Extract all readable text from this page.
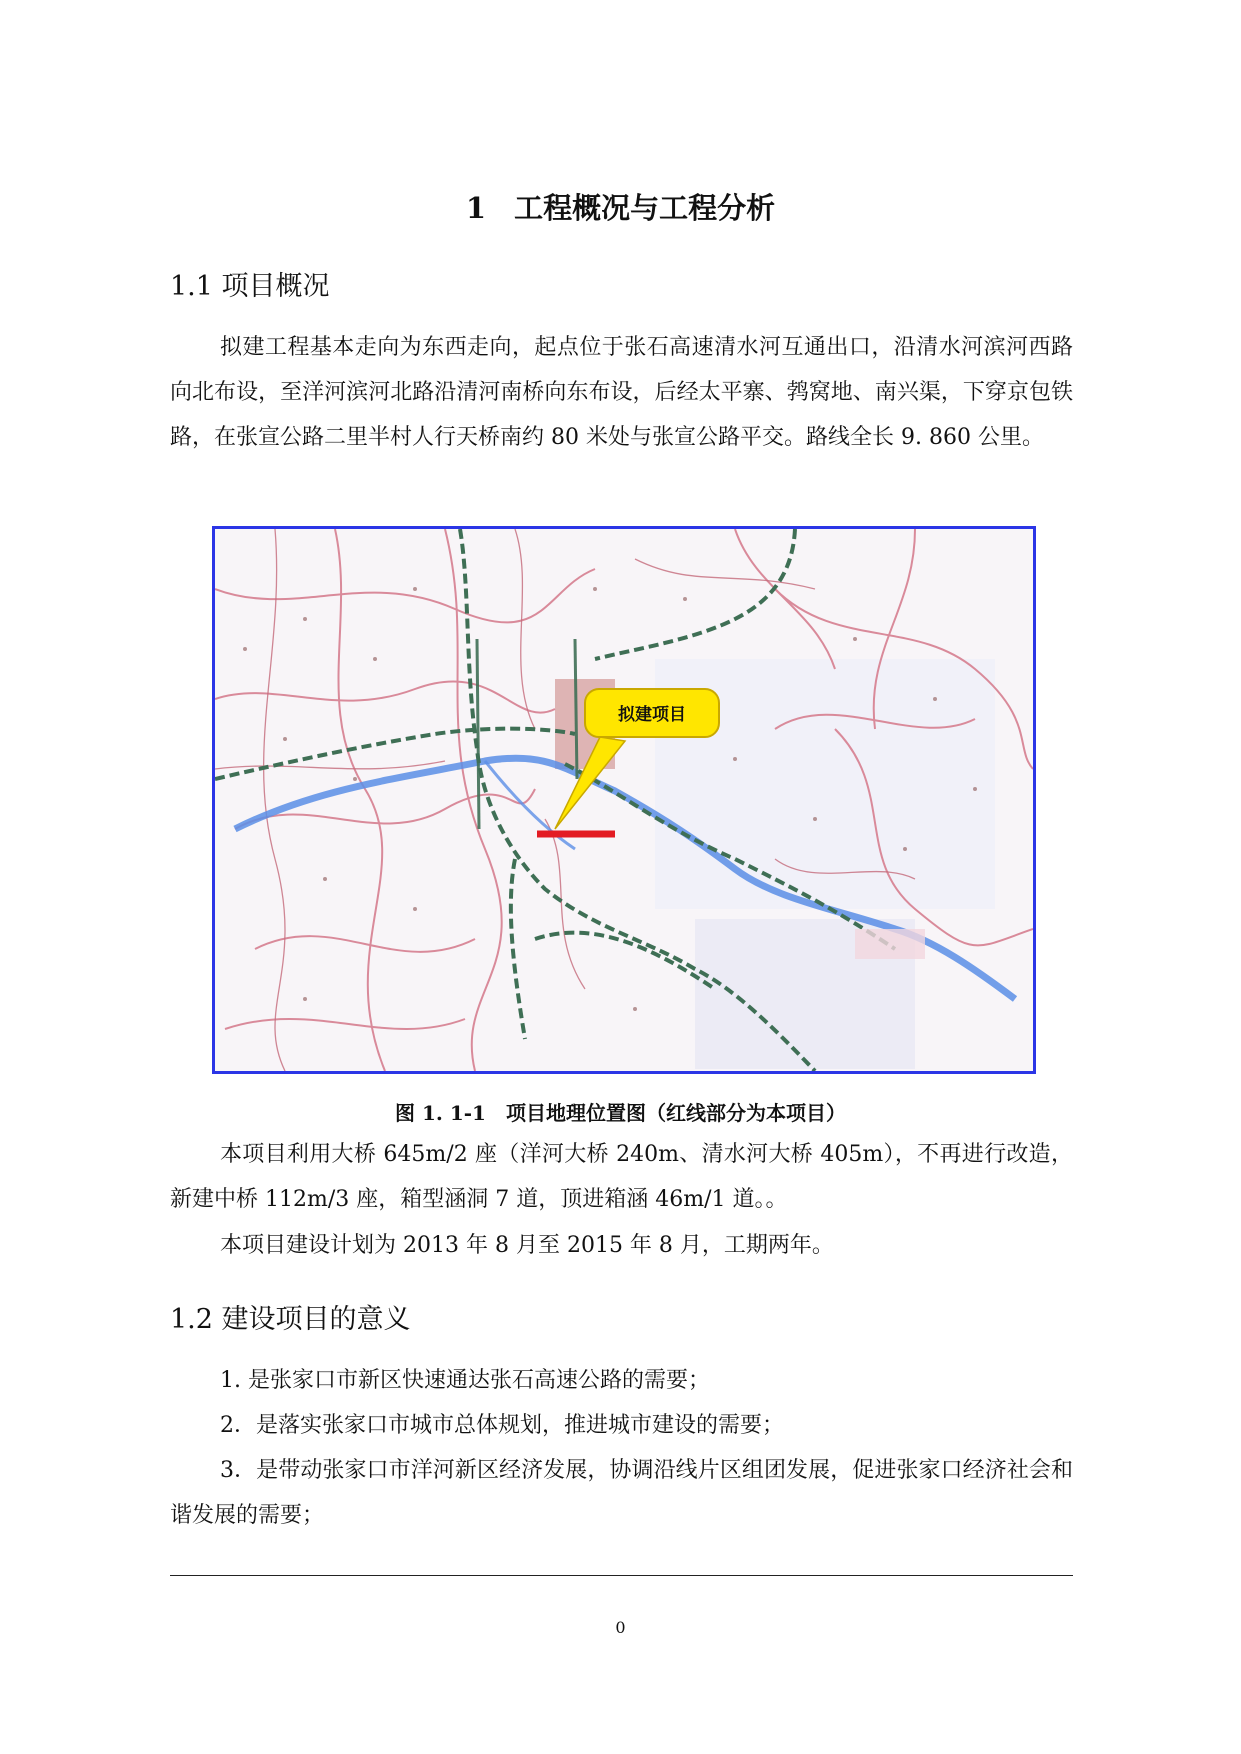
1 工程概况与工程分析
1.1 项目概况
拟建工程基本走向为东西走向，起点位于张石高速清水河互通出口，沿清水河滨河西路向北布设，至洋河滨河北路沿清河南桥向东布设，后经太平寨、鹁窝地、南兴渠，下穿京包铁路，在张宣公路二里半村人行天桥南约 80 米处与张宣公路平交。路线全长 9. 860 公里。
拟建项目
图 1. 1-1　项目地理位置图（红线部分为本项目）
本项目利用大桥 645m/2 座（洋河大桥 240m、清水河大桥 405m），不再进行改造，新建中桥 112m/3 座，箱型涵洞 7 道，顶进箱涵 46m/1 道。。
本项目建设计划为 2013 年 8 月至 2015 年 8 月，工期两年。
1.2 建设项目的意义
1. 是张家口市新区快速通达张石高速公路的需要；
2．是落实张家口市城市总体规划，推进城市建设的需要；
3．是带动张家口市洋河新区经济发展，协调沿线片区组团发展，促进张家口经济社会和谐发展的需要；
0
